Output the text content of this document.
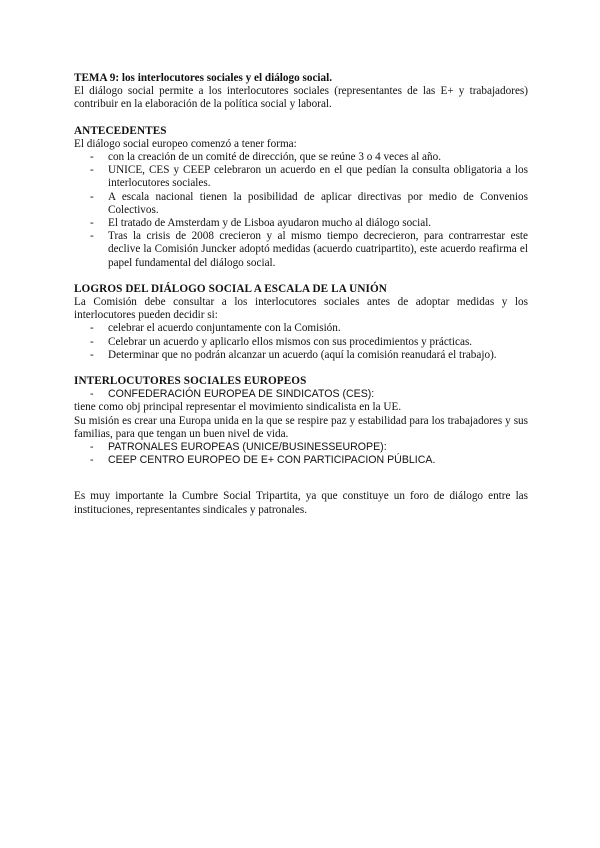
TEMA 9: los interlocutores sociales y el diálogo social.

El diálogo social permite a los interlocutores sociales (representantes de las E+ y trabajadores) contribuir en la elaboración de la política social y laboral.

ANTECEDENTES

El diálogo social europeo comenzó a tener forma:

- con la creación de un comité de dirección, que se reúne 3 o 4 veces al año.
- UNICE, CES y CEEP celebraron un acuerdo en el que pedían la consulta obligatoria a los interlocutores sociales.
- A escala nacional tienen la posibilidad de aplicar directivas por medio de Convenios Colectivos.
- El tratado de Amsterdam y de Lisboa ayudaron mucho al diálogo social.
- Tras la crisis de 2008 crecieron y al mismo tiempo decrecieron, para contrarrestar este declive la Comisión Juncker adoptó medidas (acuerdo cuatripartito), este acuerdo reafirma el papel fundamental del diálogo social.

LOGROS DEL DIÁLOGO SOCIAL A ESCALA DE LA UNIÓN

La Comisión debe consultar a los interlocutores sociales antes de adoptar medidas y los interlocutores pueden decidir si:

- celebrar el acuerdo conjuntamente con la Comisión.
- Celebrar un acuerdo y aplicarlo ellos mismos con sus procedimientos y prácticas.
- Determinar que no podrán alcanzar un acuerdo (aquí la comisión reanudará el trabajo).

INTERLOCUTORES SOCIALES EUROPEOS

- CONFEDERACIÓN EUROPEA DE SINDICATOS (CES):

tiene como obj principal representar el movimiento sindicalista en la UE.

Su misión es crear una Europa unida en la que se respire paz y estabilidad para los trabajadores y sus familias, para que tengan un buen nivel de vida.

- PATRONALES EUROPEAS (UNICE/BUSINESSEUROPE):
- CEEP CENTRO EUROPEO DE E+ CON PARTICIPACION PÚBLICA.

Es muy importante la Cumbre Social Tripartita, ya que constituye un foro de diálogo entre las instituciones, representantes sindicales y patronales.
